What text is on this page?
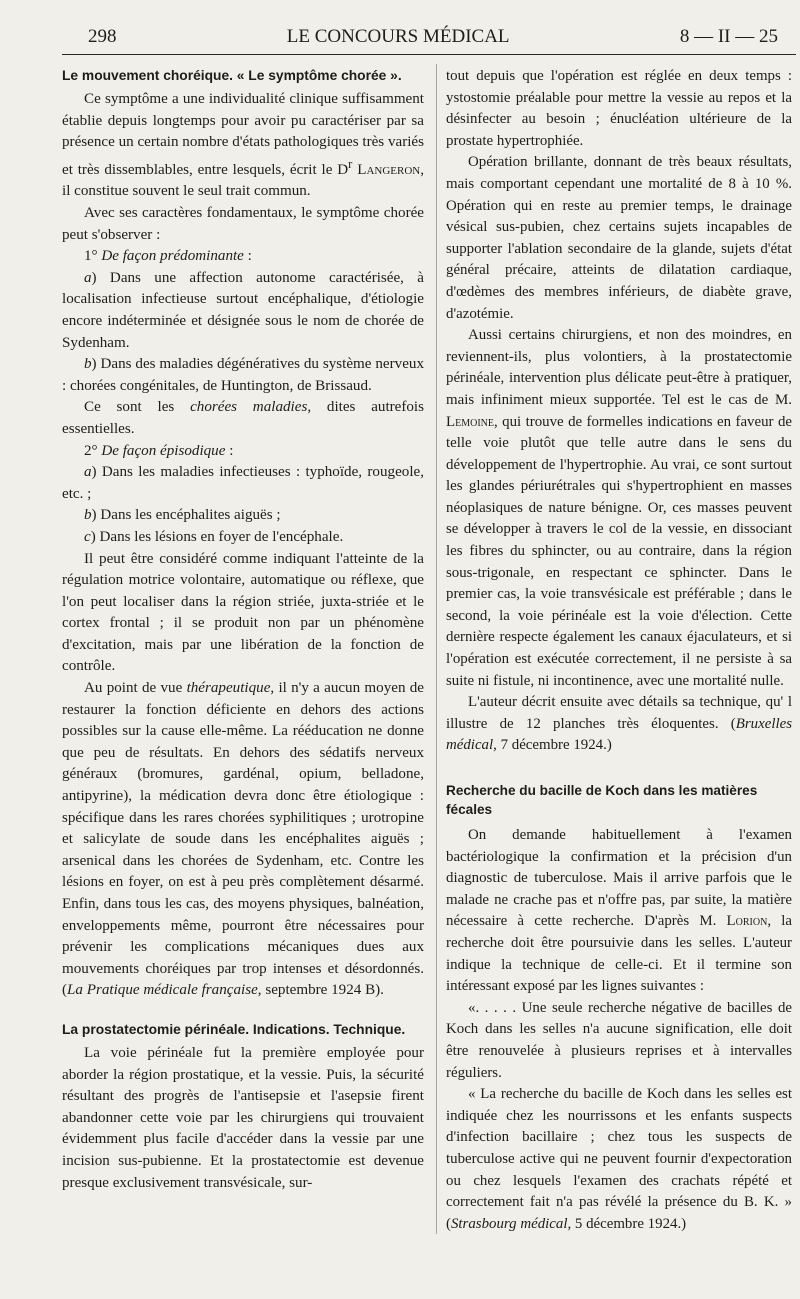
298	LE CONCOURS MÉDICAL	8 — II — 25
Le mouvement choréique. « Le symptôme chorée ».

Ce symptôme a une individualité clinique suffisamment établie depuis longtemps pour avoir pu caractériser par sa présence un certain nombre d'états pathologiques très variés et très dissemblables, entre lesquels, écrit le $D^r$ Langeron, il constitue souvent le seul trait commun.

Avec ses caractères fondamentaux, le symptôme chorée peut s'observer :

1° De façon prédominante :

a) Dans une affection autonome caractérisée, à localisation infectieuse surtout encéphalique, d'étiologie encore indéterminée et désignée sous le nom de chorée de Sydenham.

b) Dans des maladies dégénératives du système nerveux : chorées congénitales, de Huntington, de Brissaud.

Ce sont les chorées maladies, dites autrefois essentielles.

2° De façon épisodique :

a) Dans les maladies infectieuses : typhoïde, rougeole, etc. ;

b) Dans les encéphalites aiguës ;

c) Dans les lésions en foyer de l'encéphale.

Il peut être considéré comme indiquant l'atteinte de la régulation motrice volontaire, automatique ou réflexe, que l'on peut localiser dans la région striée, juxta-striée et le cortex frontal ; il se produit non par un phénomène d'excitation, mais par une libération de la fonction de contrôle.

Au point de vue thérapeutique, il n'y a aucun moyen de restaurer la fonction déficiente en dehors des actions possibles sur la cause elle-même. La rééducation ne donne que peu de résultats. En dehors des sédatifs nerveux généraux (bromures, gardénal, opium, belladone, antipyrine), la médication devra donc être étiologique : spécifique dans les rares chorées syphilitiques ; urotropine et salicylate de soude dans les encéphalites aiguës ; arsenical dans les chorées de Sydenham, etc. Contre les lésions en foyer, on est à peu près complètement désarmé. Enfin, dans tous les cas, des moyens physiques, balnéation, enveloppements même, pourront être nécessaires pour prévenir les complications mécaniques dues aux mouvements choréiques par trop intenses et désordonnés. (La Pratique médicale française, septembre 1924 B).

La prostatectomie périnéale. Indications. Technique.

La voie périnéale fut la première employée pour aborder la région prostatique, et la vessie. Puis, la sécurité résultant des progrès de l'antisepsie et l'asepsie firent abandonner cette voie par les chirurgiens qui trouvaient évidemment plus facile d'accéder dans la vessie par une incision sus-pubienne. Et la prostatectomie est devenue presque exclusivement transvésicale, sur-

tout depuis que l'opération est réglée en deux temps : ystostomie préalable pour mettre la vessie au repos et la désinfecter au besoin ; énucléation ultérieure de la prostate hypertrophiée.

Opération brillante, donnant de très beaux résultats, mais comportant cependant une mortalité de 8 à 10 %. Opération qui en reste au premier temps, le drainage vésical sus-pubien, chez certains sujets incapables de supporter l'ablation secondaire de la glande, sujets d'état général précaire, atteints de dilatation cardiaque, d'œdèmes des membres inférieurs, de diabète grave, d'azotémie.

Aussi certains chirurgiens, et non des moindres, en reviennent-ils, plus volontiers, à la prostatectomie périnéale, intervention plus délicate peut-être à pratiquer, mais infiniment mieux supportée. Tel est le cas de M. Lemoine, qui trouve de formelles indications en faveur de telle voie plutôt que telle autre dans le sens du développement de l'hypertrophie. Au vrai, ce sont surtout les glandes périurétrales qui s'hypertrophient en masses néoplasiques de nature bénigne. Or, ces masses peuvent se développer à travers le col de la vessie, en dissociant les fibres du sphincter, ou au contraire, dans la région sous-trigonale, en respectant ce sphincter. Dans le premier cas, la voie transvésicale est préférable ; dans le second, la voie périnéale est la voie d'élection. Cette dernière respecte également les canaux éjaculateurs, et si l'opération est exécutée correctement, il ne persiste à sa suite ni fistule, ni incontinence, avec une mortalité nulle.

L'auteur décrit ensuite avec détails sa technique, qu' l illustre de 12 planches très éloquentes. (Bruxelles médical, 7 décembre 1924.)

Recherche du bacille de Koch dans les matières fécales

On demande habituellement à l'examen bactériologique la confirmation et la précision d'un diagnostic de tuberculose. Mais il arrive parfois que le malade ne crache pas et n'offre pas, par suite, la matière nécessaire à cette recherche. D'après M. Lorion, la recherche doit être poursuivie dans les selles. L'auteur indique la technique de celle-ci. Et il termine son intéressant exposé par les lignes suivantes :

«. . . . . Une seule recherche négative de bacilles de Koch dans les selles n'a aucune signification, elle doit être renouvelée à plusieurs reprises et à intervalles réguliers.

« La recherche du bacille de Koch dans les selles est indiquée chez les nourrissons et les enfants suspects d'infection bacillaire ; chez tous les suspects de tuberculose active qui ne peuvent fournir d'expectoration ou chez lesquels l'examen des crachats répété et correctement fait n'a pas révélé la présence du B. K. » (Strasbourg médical, 5 décembre 1924.)
